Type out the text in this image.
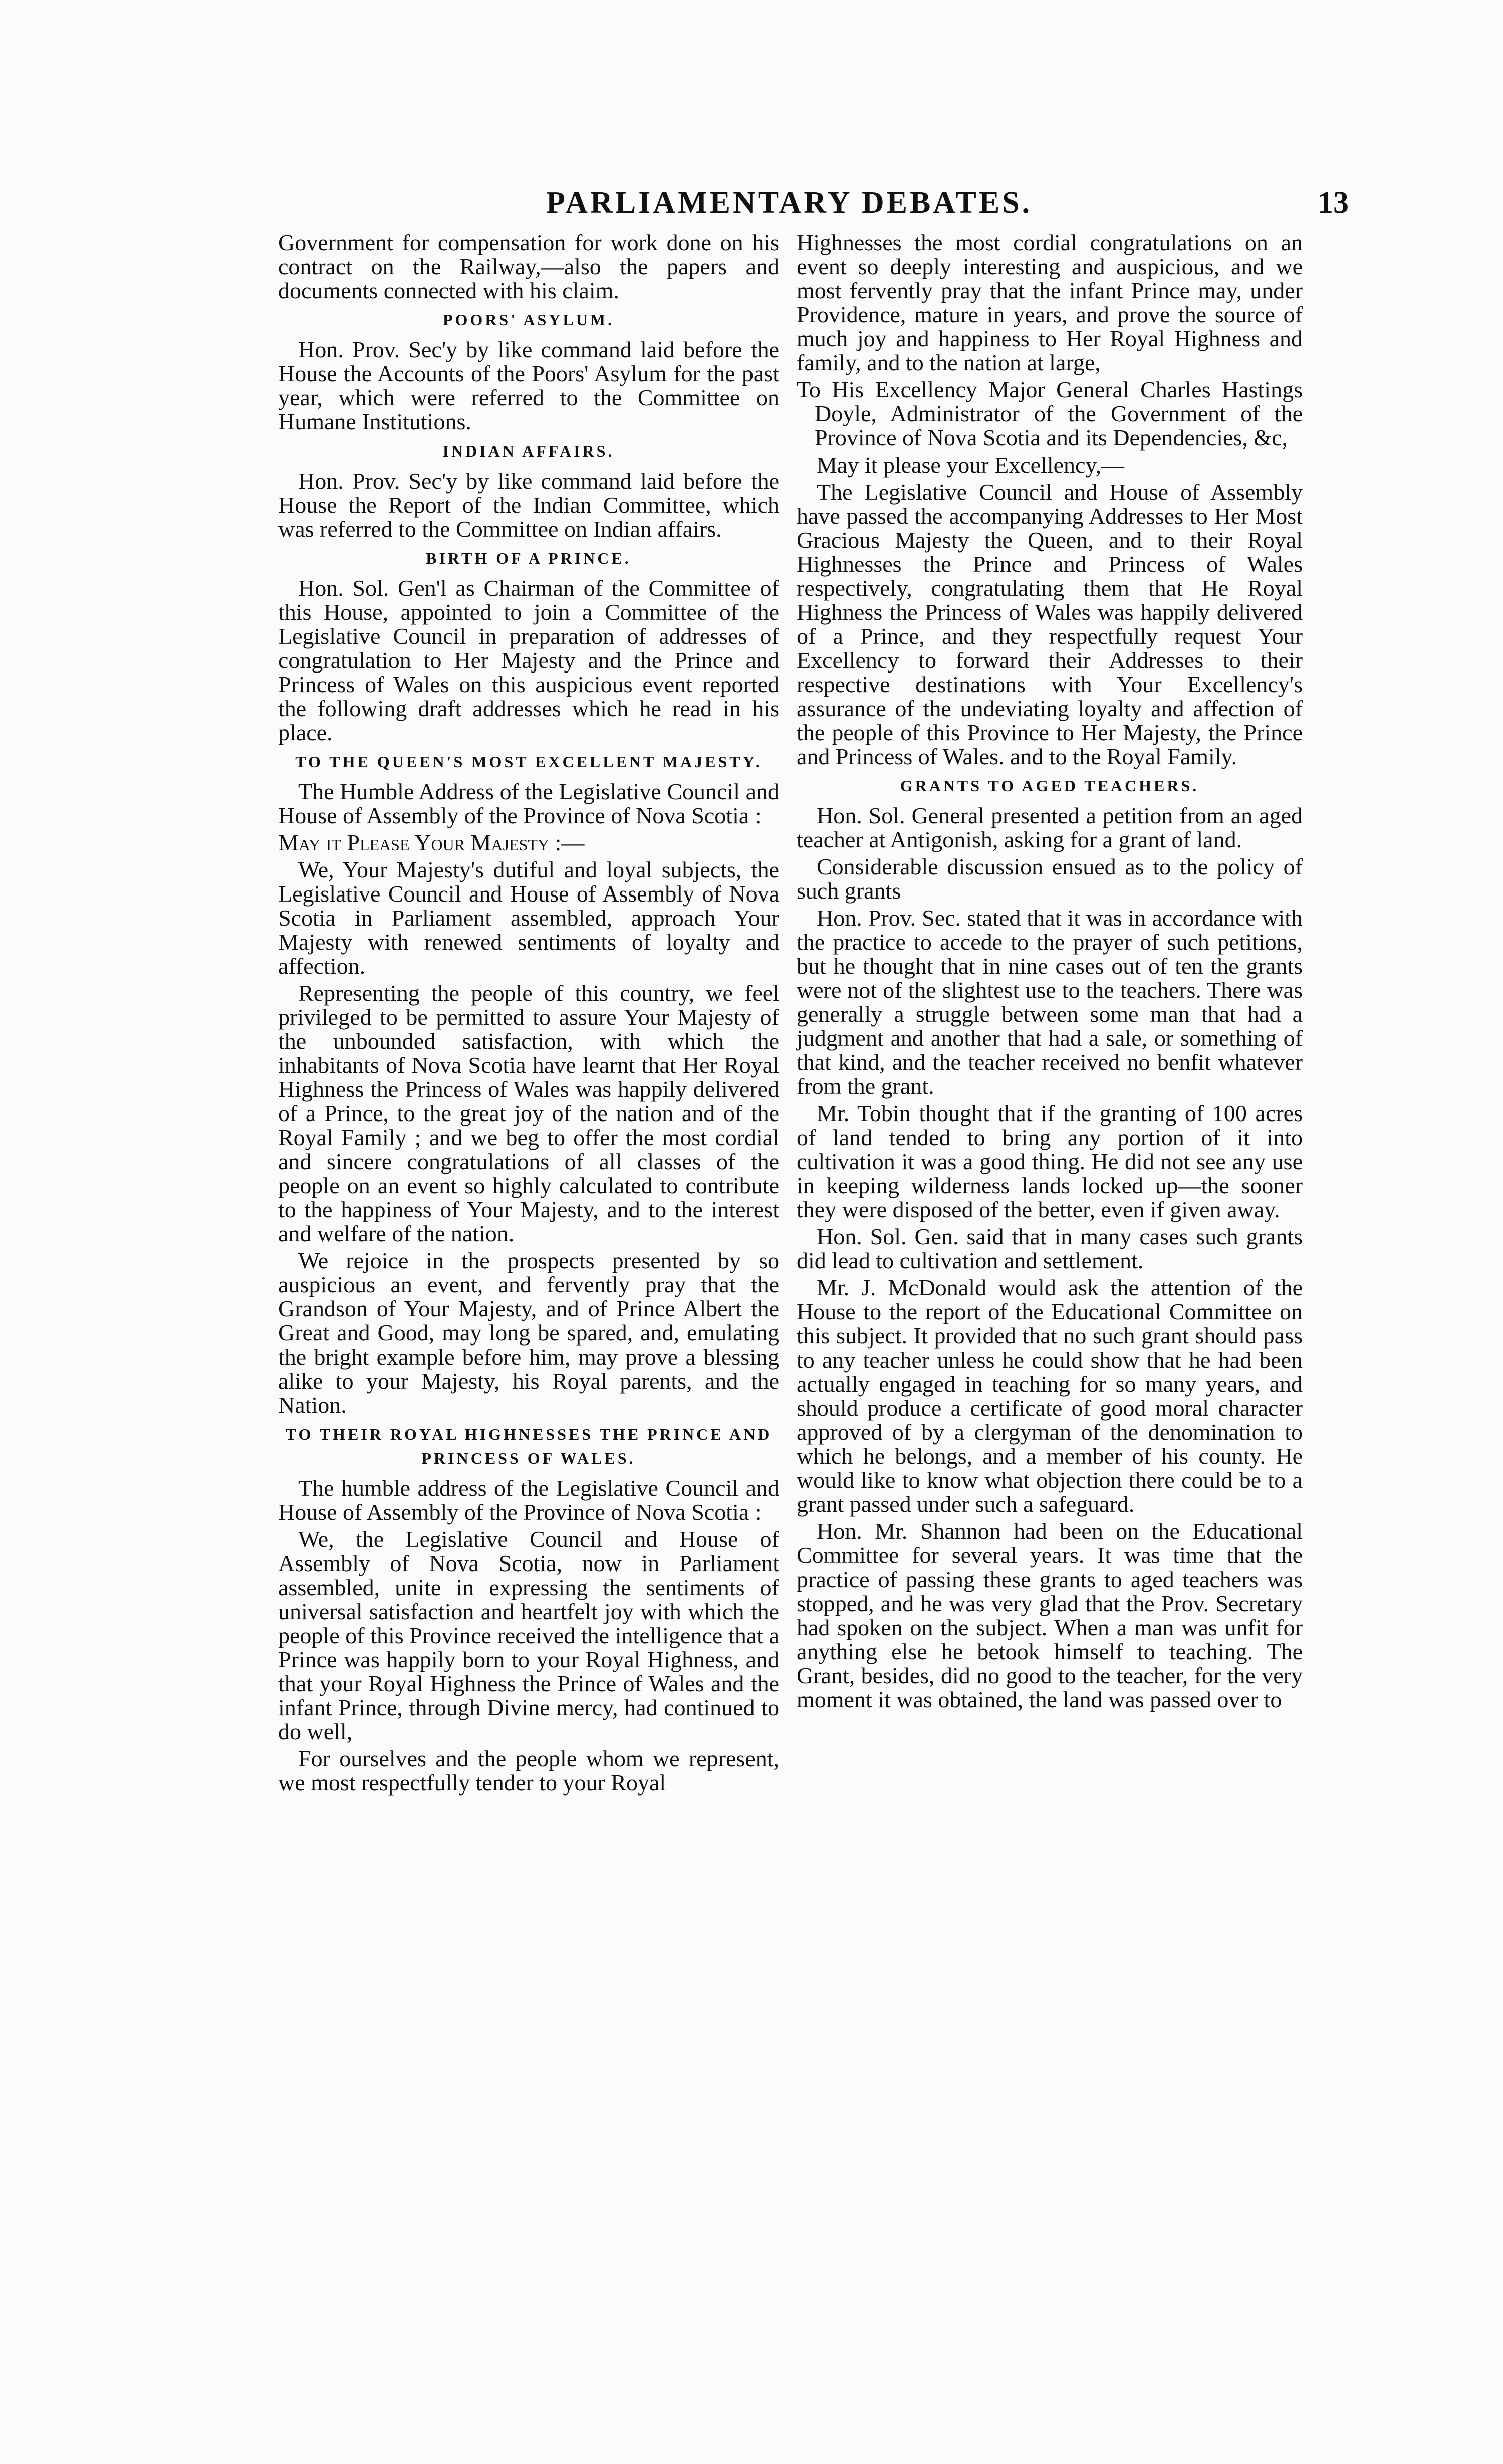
PARLIAMENTARY DEBATES.	13

Government for compensation for work done on his contract on the Railway,—also the papers and documents connected with his claim.

POORS' ASYLUM.

Hon. Prov. Sec'y by like command laid before the House the Accounts of the Poors' Asylum for the past year, which were referred to the Committee on Humane Institutions.

INDIAN AFFAIRS.

Hon. Prov. Sec'y by like command laid before the House the Report of the Indian Committee, which was referred to the Committee on Indian affairs.

BIRTH OF A PRINCE.

Hon. Sol. Gen'l as Chairman of the Committee of this House, appointed to join a Committee of the Legislative Council in preparation of addresses of congratulation to Her Majesty and the Prince and Princess of Wales on this auspicious event reported the following draft addresses which he read in his place.

TO THE QUEEN'S MOST EXCELLENT MAJESTY.

The Humble Address of the Legislative Council and House of Assembly of the Province of Nova Scotia :

May it Please Your Majesty :—

We, Your Majesty's dutiful and loyal subjects, the Legislative Council and House of Assembly of Nova Scotia in Parliament assembled, approach Your Majesty with renewed sentiments of loyalty and affection.

Representing the people of this country, we feel privileged to be permitted to assure Your Majesty of the unbounded satisfaction, with which the inhabitants of Nova Scotia have learnt that Her Royal Highness the Princess of Wales was happily delivered of a Prince, to the great joy of the nation and of the Royal Family ; and we beg to offer the most cordial and sincere congratulations of all classes of the people on an event so highly calculated to contribute to the happiness of Your Majesty, and to the interest and welfare of the nation.

We rejoice in the prospects presented by so auspicious an event, and fervently pray that the Grandson of Your Majesty, and of Prince Albert the Great and Good, may long be spared, and, emulating the bright example before him, may prove a blessing alike to your Majesty, his Royal parents, and the Nation.

TO THEIR ROYAL HIGHNESSES THE PRINCE AND PRINCESS OF WALES.

The humble address of the Legislative Council and House of Assembly of the Province of Nova Scotia :

We, the Legislative Council and House of Assembly of Nova Scotia, now in Parliament assembled, unite in expressing the sentiments of universal satisfaction and heartfelt joy with which the people of this Province received the intelligence that a Prince was happily born to your Royal Highness, and that your Royal Highness the Prince of Wales and the infant Prince, through Divine mercy, had continued to do well,

For ourselves and the people whom we represent, we most respectfully tender to your Royal

Highnesses the most cordial congratulations on an event so deeply interesting and auspicious, and we most fervently pray that the infant Prince may, under Providence, mature in years, and prove the source of much joy and happiness to Her Royal Highness and family, and to the nation at large,

To His Excellency Major General Charles Hastings Doyle, Administrator of the Government of the Province of Nova Scotia and its Dependencies, &c,

May it please your Excellency,—

The Legislative Council and House of Assembly have passed the accompanying Addresses to Her Most Gracious Majesty the Queen, and to their Royal Highnesses the Prince and Princess of Wales respectively, congratulating them that He Royal Highness the Princess of Wales was happily delivered of a Prince, and they respectfully request Your Excellency to forward their Addresses to their respective destinations with Your Excellency's assurance of the undeviating loyalty and affection of the people of this Province to Her Majesty, the Prince and Princess of Wales. and to the Royal Family.

GRANTS TO AGED TEACHERS.

Hon. Sol. General presented a petition from an aged teacher at Antigonish, asking for a grant of land.

Considerable discussion ensued as to the policy of such grants

Hon. Prov. Sec. stated that it was in accordance with the practice to accede to the prayer of such petitions, but he thought that in nine cases out of ten the grants were not of the slightest use to the teachers. There was generally a struggle between some man that had a judgment and another that had a sale, or something of that kind, and the teacher received no benfit whatever from the grant.

Mr. Tobin thought that if the granting of 100 acres of land tended to bring any portion of it into cultivation it was a good thing. He did not see any use in keeping wilderness lands locked up—the sooner they were disposed of the better, even if given away.

Hon. Sol. Gen. said that in many cases such grants did lead to cultivation and settlement.

Mr. J. McDonald would ask the attention of the House to the report of the Educational Committee on this subject. It provided that no such grant should pass to any teacher unless he could show that he had been actually engaged in teaching for so many years, and should produce a certificate of good moral character approved of by a clergyman of the denomination to which he belongs, and a member of his county. He would like to know what objection there could be to a grant passed under such a safeguard.

Hon. Mr. Shannon had been on the Educational Committee for several years. It was time that the practice of passing these grants to aged teachers was stopped, and he was very glad that the Prov. Secretary had spoken on the subject. When a man was unfit for anything else he betook himself to teaching. The Grant, besides, did no good to the teacher, for the very moment it was obtained, the land was passed over to
